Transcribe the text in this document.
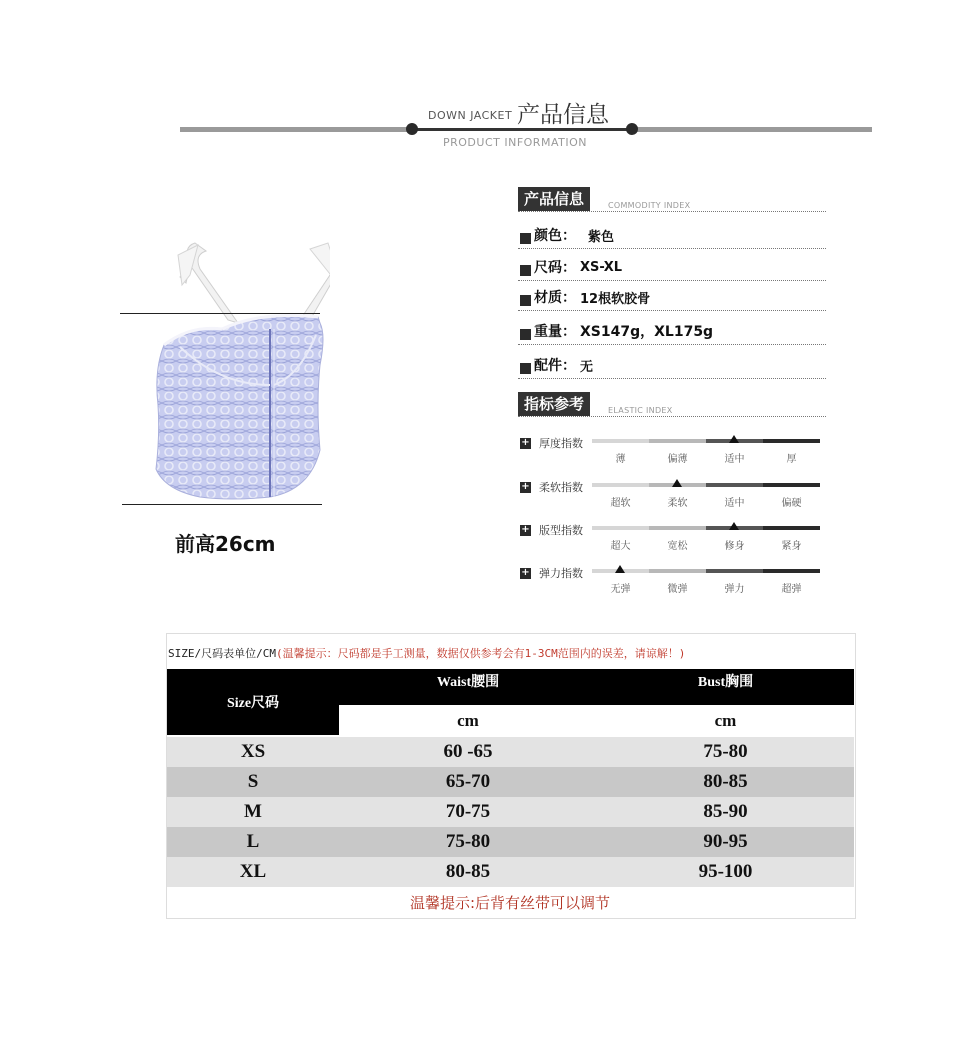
DOWN JACKET 产品信息
PRODUCT INFORMATION
前高26cm
产品信息	COMMODITY INDEX
颜色： 紫色
尺码： XS-XL
材质： 12根软胶骨
重量： XS147g，XL175g
配件： 无
指标参考	ELASTIC INDEX
+ 厚度指数
薄	偏薄	适中	厚
+ 柔软指数
超软	柔软	适中	偏硬
+ 版型指数
超大	宽松	修身	紧身
+ 弹力指数
无弹	微弹	弹力	超弹
SIZE/尺码表单位/CM(温馨提示：尺码都是手工测量，数据仅供参考会有1-3CM范围内的误差，请谅解！)
Size尺码
Waist腰围	Bust胸围
cm	cm
XS	60 -65	75-80
S	65-70	80-85
M	70-75	85-90
L	75-80	90-95
XL	80-85	95-100
温馨提示:后背有丝带可以调节
